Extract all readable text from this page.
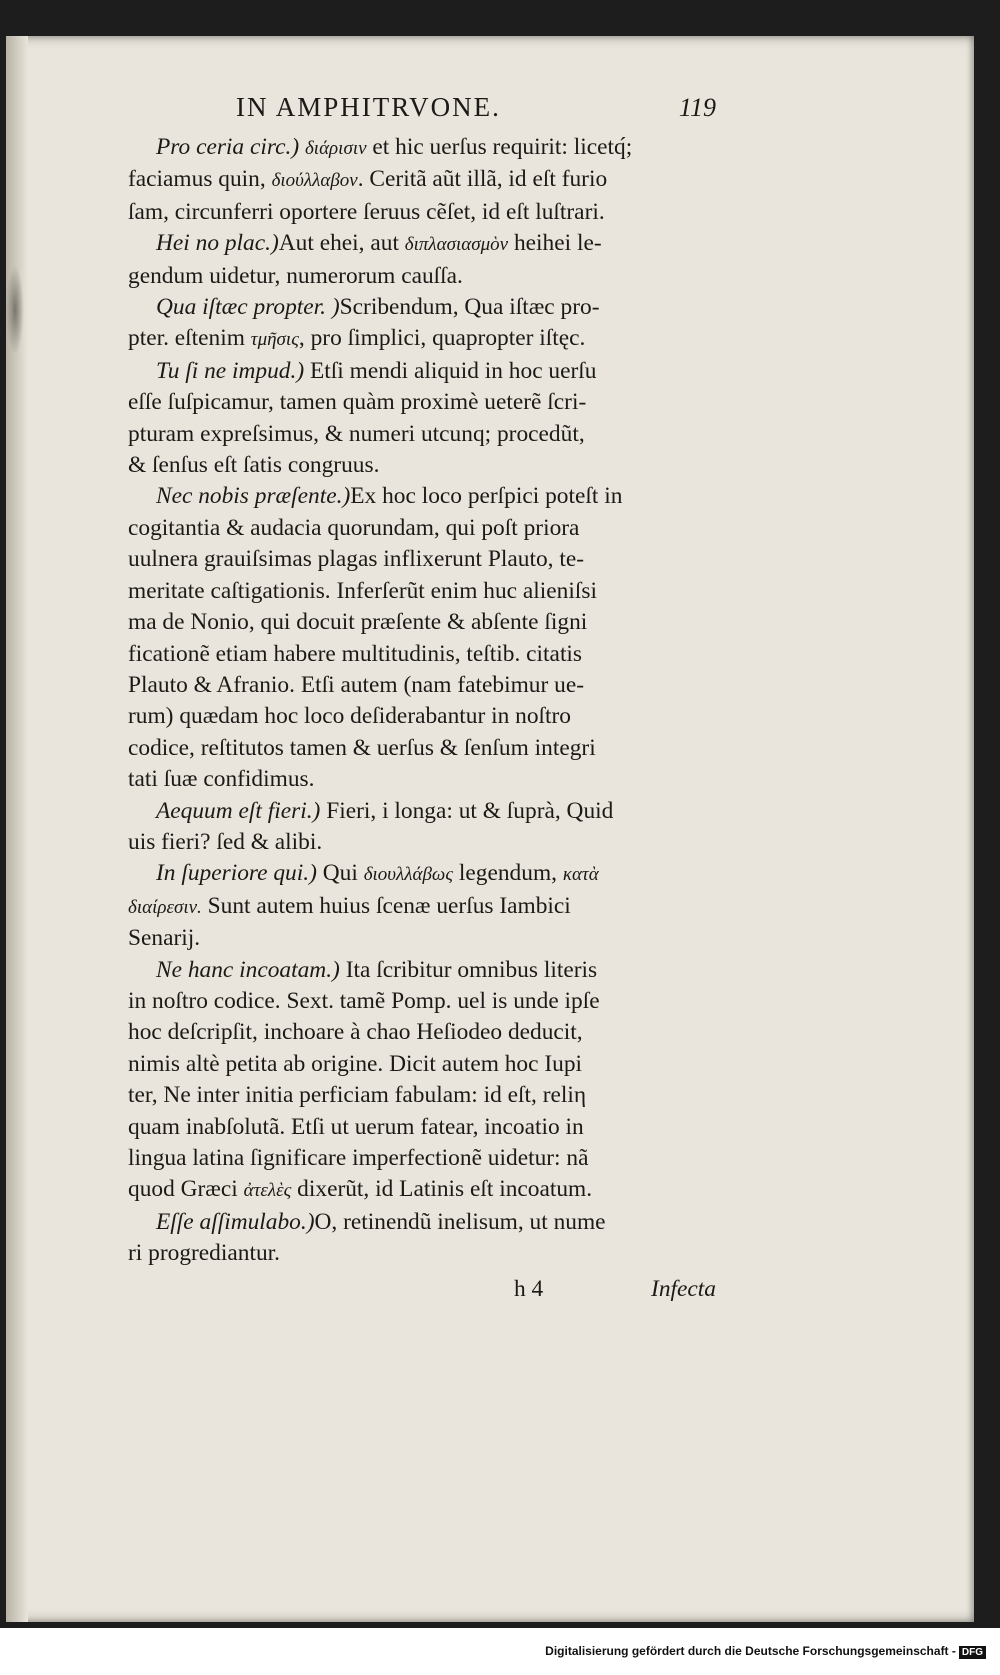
IN AMPHITRVONE.	119
Pro ceria circ.) διάρισιν et hic uerſus requirit: licetq́;
faciamus quin, διούλλαβον. Ceritã aũt illã, id eſt furio
ſam, circunferri oportere ſeruus cẽſet, id eſt luſtrari.
Hei no plac.)Aut ehei, aut διπλασιασμὸν heihei le-
gendum uidetur, numerorum cauſſa.
Qua iſtæc propter. )Scribendum, Qua iſtæc pro-
pter. eſtenim τμῆσις, pro ſimplici, quapropter iſtęc.
Tu ſi ne impud.) Etſi mendi aliquid in hoc uerſu
eſſe ſuſpicamur, tamen quàm proximè ueterẽ ſcri-
pturam expreſsimus, & numeri utcunq; procedũt,
& ſenſus eſt ſatis congruus.
Nec nobis præſente.)Ex hoc loco perſpici poteſt in
cogitantia & audacia quorundam, qui poſt priora
uulnera grauiſsimas plagas inflixerunt Plauto, te-
meritate caſtigationis. Inferſerũt enim huc alieniſsi
ma de Nonio, qui docuit præſente & abſente ſigni
ficationẽ etiam habere multitudinis, teſtib. citatis
Plauto & Afranio. Etſi autem (nam fatebimur ue-
rum) quædam hoc loco deſiderabantur in noſtro
codice, reſtitutos tamen & uerſus & ſenſum integri
tati ſuæ confidimus.
Aequum eſt fieri.) Fieri, i longa: ut & ſuprà, Quid
uis fieri? ſed & alibi.
In ſuperiore qui.) Qui διουλλάβως legendum, κατὰ
διαίρεσιν. Sunt autem huius ſcenæ uerſus Iambici
Senarij.
Ne hanc incoatam.) Ita ſcribitur omnibus literis
in noſtro codice. Sext. tamẽ Pomp. uel is unde ipſe
hoc deſcripſit, inchoare à chao Heſiodeo deducit,
nimis altè petita ab origine. Dicit autem hoc Iupi
ter, Ne inter initia perficiam fabulam: id eſt, reliη
quam inabſolutã. Etſi ut uerum fatear, incoatio in
lingua latina ſignificare imperfectionẽ uidetur: nã
quod Græci ἀτελὲς dixerũt, id Latinis eſt incoatum.
Eſſe aſſimulabo.)O, retinendũ inelisum, ut nume
ri progrediantur.
h 4	Infecta
Digitalisierung gefördert durch die Deutsche Forschungsgemeinschaft - DFG
